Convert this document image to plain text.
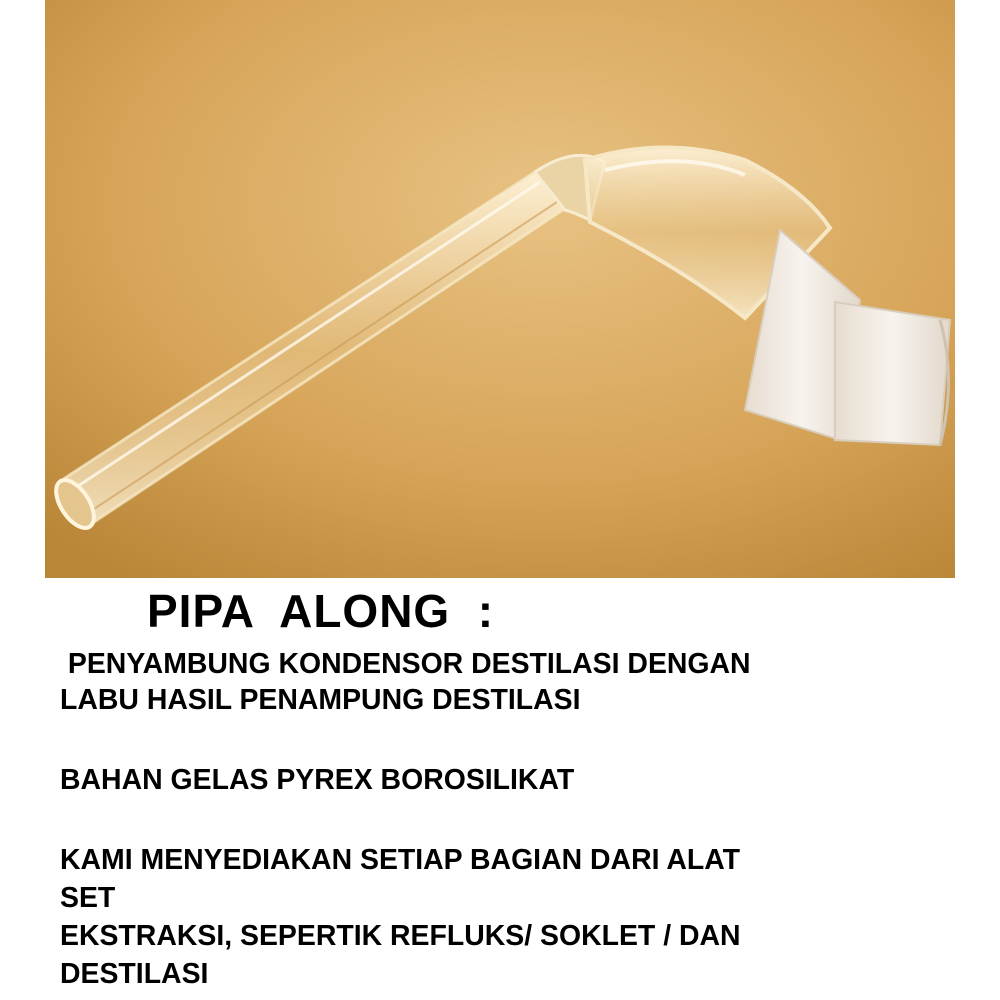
PIPA  ALONG  :

PENYAMBUNG KONDENSOR DESTILASI DENGAN

LABU HASIL PENAMPUNG DESTILASI

BAHAN GELAS PYREX BOROSILIKAT

KAMI MENYEDIAKAN SETIAP BAGIAN DARI ALAT

SET

EKSTRAKSI, SEPERTIK REFLUKS/ SOKLET / DAN

DESTILASI
